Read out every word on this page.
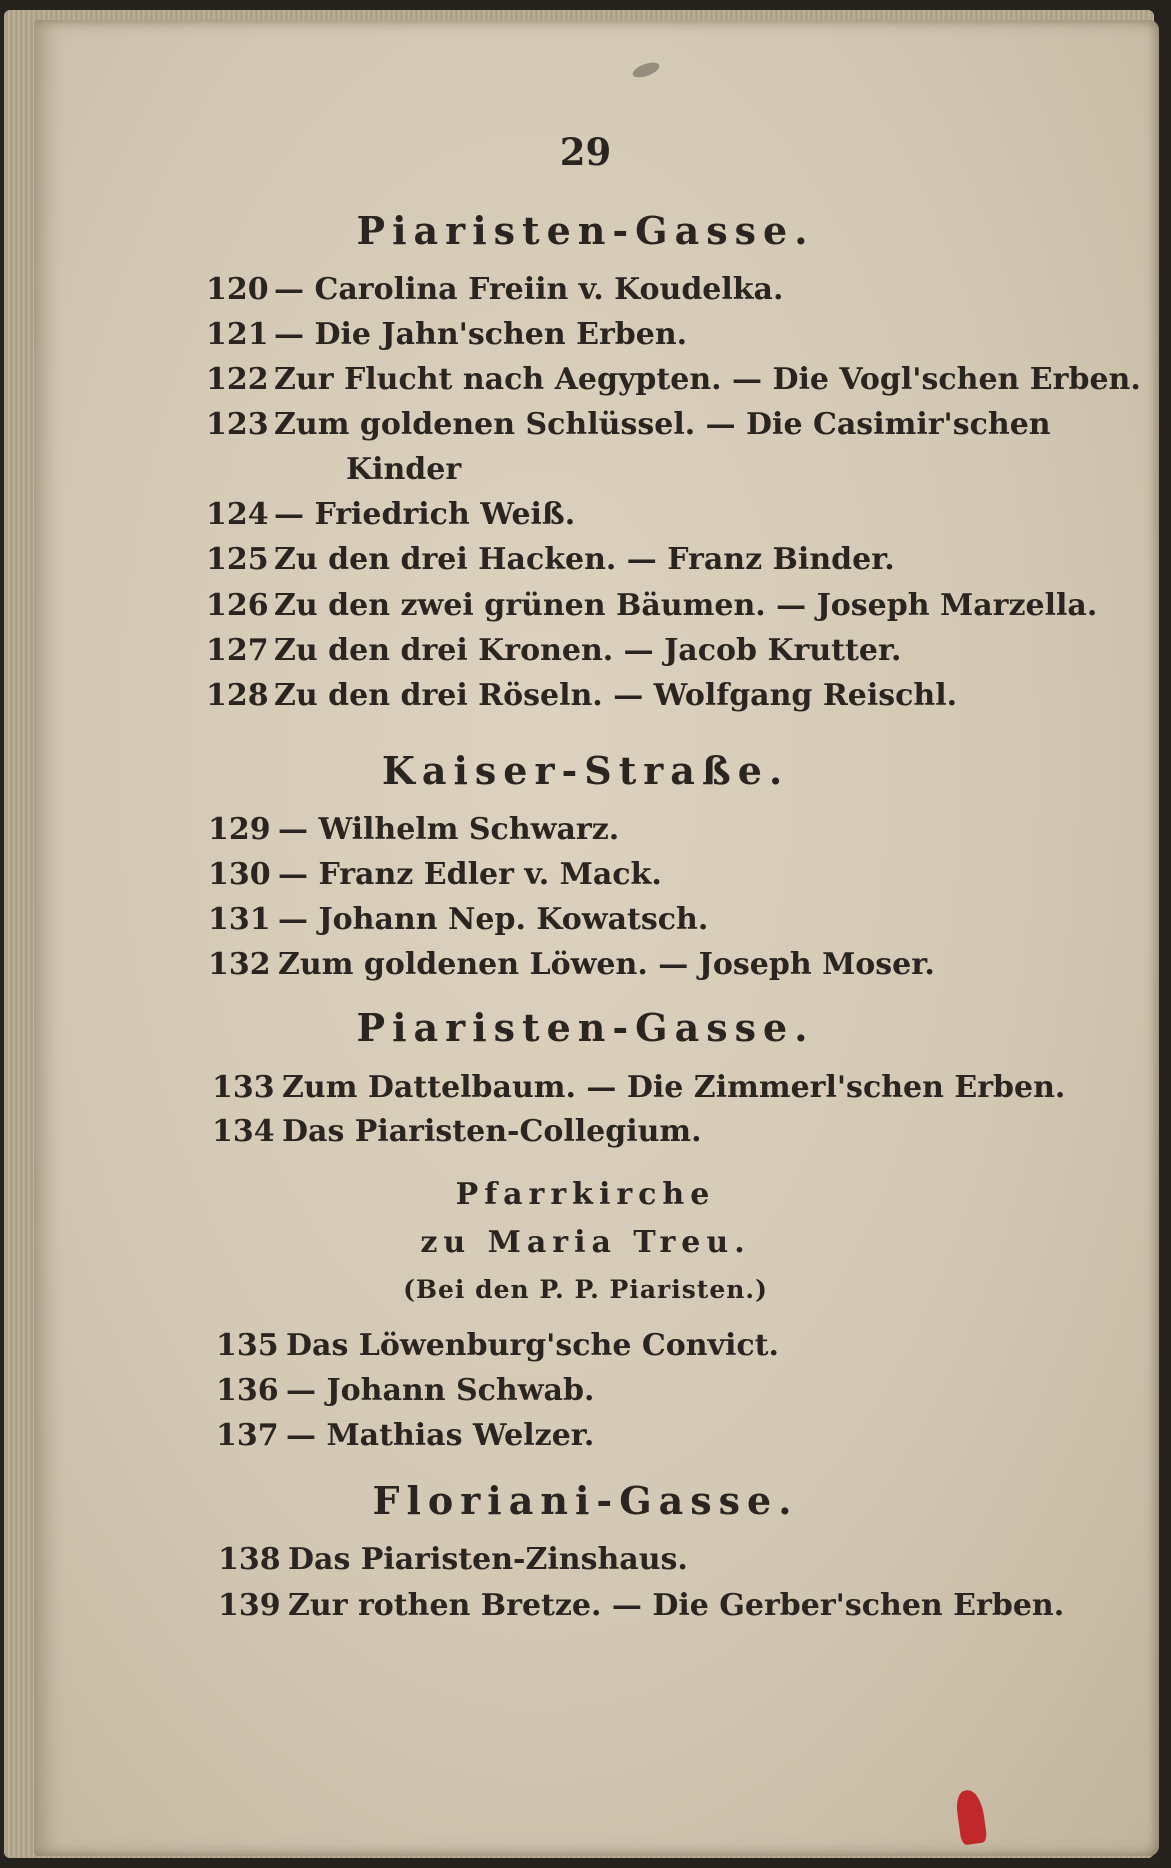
29
Piaristen-Gasse.
120 — Carolina Freiin v. Koudelka.
121 — Die Jahn'schen Erben.
122 Zur Flucht nach Aegypten. — Die Vogl'schen Erben.
123 Zum goldenen Schlüssel. — Die Casimir'schen
Kinder
124 — Friedrich Weiß.
125 Zu den drei Hacken. — Franz Binder.
126 Zu den zwei grünen Bäumen. — Joseph Marzella.
127 Zu den drei Kronen. — Jacob Krutter.
128 Zu den drei Röseln. — Wolfgang Reischl.
Kaiser-Straße.
129 — Wilhelm Schwarz.
130 — Franz Edler v. Mack.
131 — Johann Nep. Kowatsch.
132 Zum goldenen Löwen. — Joseph Moser.
Piaristen-Gasse.
133 Zum Dattelbaum. — Die Zimmerl'schen Erben.
134 Das Piaristen-Collegium.
Pfarrkirche
zu Maria Treu.
(Bei den P. P. Piaristen.)
135 Das Löwenburg'sche Convict.
136 — Johann Schwab.
137 — Mathias Welzer.
Floriani-Gasse.
138 Das Piaristen-Zinshaus.
139 Zur rothen Bretze. — Die Gerber'schen Erben.
